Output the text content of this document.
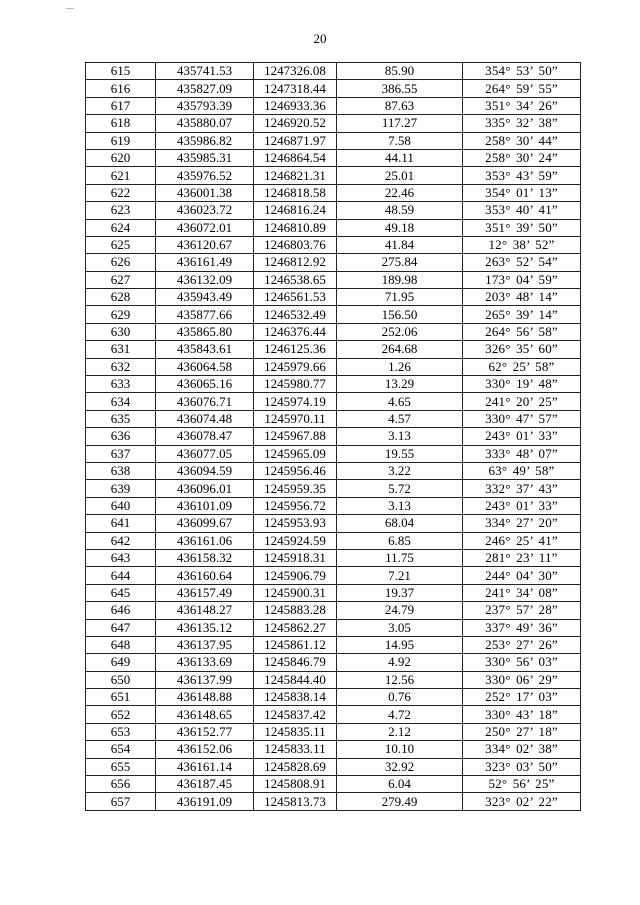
20
615	435741.53	1247326.08	85.90	354° 53’ 50”
616	435827.09	1247318.44	386.55	264° 59’ 55”
617	435793.39	1246933.36	87.63	351° 34’ 26”
618	435880.07	1246920.52	117.27	335° 32’ 38”
619	435986.82	1246871.97	7.58	258° 30’ 44”
620	435985.31	1246864.54	44.11	258° 30’ 24”
621	435976.52	1246821.31	25.01	353° 43’ 59”
622	436001.38	1246818.58	22.46	354° 01’ 13”
623	436023.72	1246816.24	48.59	353° 40’ 41”
624	436072.01	1246810.89	49.18	351° 39’ 50”
625	436120.67	1246803.76	41.84	12° 38’ 52”
626	436161.49	1246812.92	275.84	263° 52’ 54”
627	436132.09	1246538.65	189.98	173° 04’ 59”
628	435943.49	1246561.53	71.95	203° 48’ 14”
629	435877.66	1246532.49	156.50	265° 39’ 14”
630	435865.80	1246376.44	252.06	264° 56’ 58”
631	435843.61	1246125.36	264.68	326° 35’ 60”
632	436064.58	1245979.66	1.26	62° 25’ 58”
633	436065.16	1245980.77	13.29	330° 19’ 48”
634	436076.71	1245974.19	4.65	241° 20’ 25”
635	436074.48	1245970.11	4.57	330° 47’ 57”
636	436078.47	1245967.88	3.13	243° 01’ 33”
637	436077.05	1245965.09	19.55	333° 48’ 07”
638	436094.59	1245956.46	3.22	63° 49’ 58”
639	436096.01	1245959.35	5.72	332° 37’ 43”
640	436101.09	1245956.72	3.13	243° 01’ 33”
641	436099.67	1245953.93	68.04	334° 27’ 20”
642	436161.06	1245924.59	6.85	246° 25’ 41”
643	436158.32	1245918.31	11.75	281° 23’ 11”
644	436160.64	1245906.79	7.21	244° 04’ 30”
645	436157.49	1245900.31	19.37	241° 34’ 08”
646	436148.27	1245883.28	24.79	237° 57’ 28”
647	436135.12	1245862.27	3.05	337° 49’ 36”
648	436137.95	1245861.12	14.95	253° 27’ 26”
649	436133.69	1245846.79	4.92	330° 56’ 03”
650	436137.99	1245844.40	12.56	330° 06’ 29”
651	436148.88	1245838.14	0.76	252° 17’ 03”
652	436148.65	1245837.42	4.72	330° 43’ 18”
653	436152.77	1245835.11	2.12	250° 27’ 18”
654	436152.06	1245833.11	10.10	334° 02’ 38”
655	436161.14	1245828.69	32.92	323° 03’ 50”
656	436187.45	1245808.91	6.04	52° 56’ 25”
657	436191.09	1245813.73	279.49	323° 02’ 22”
